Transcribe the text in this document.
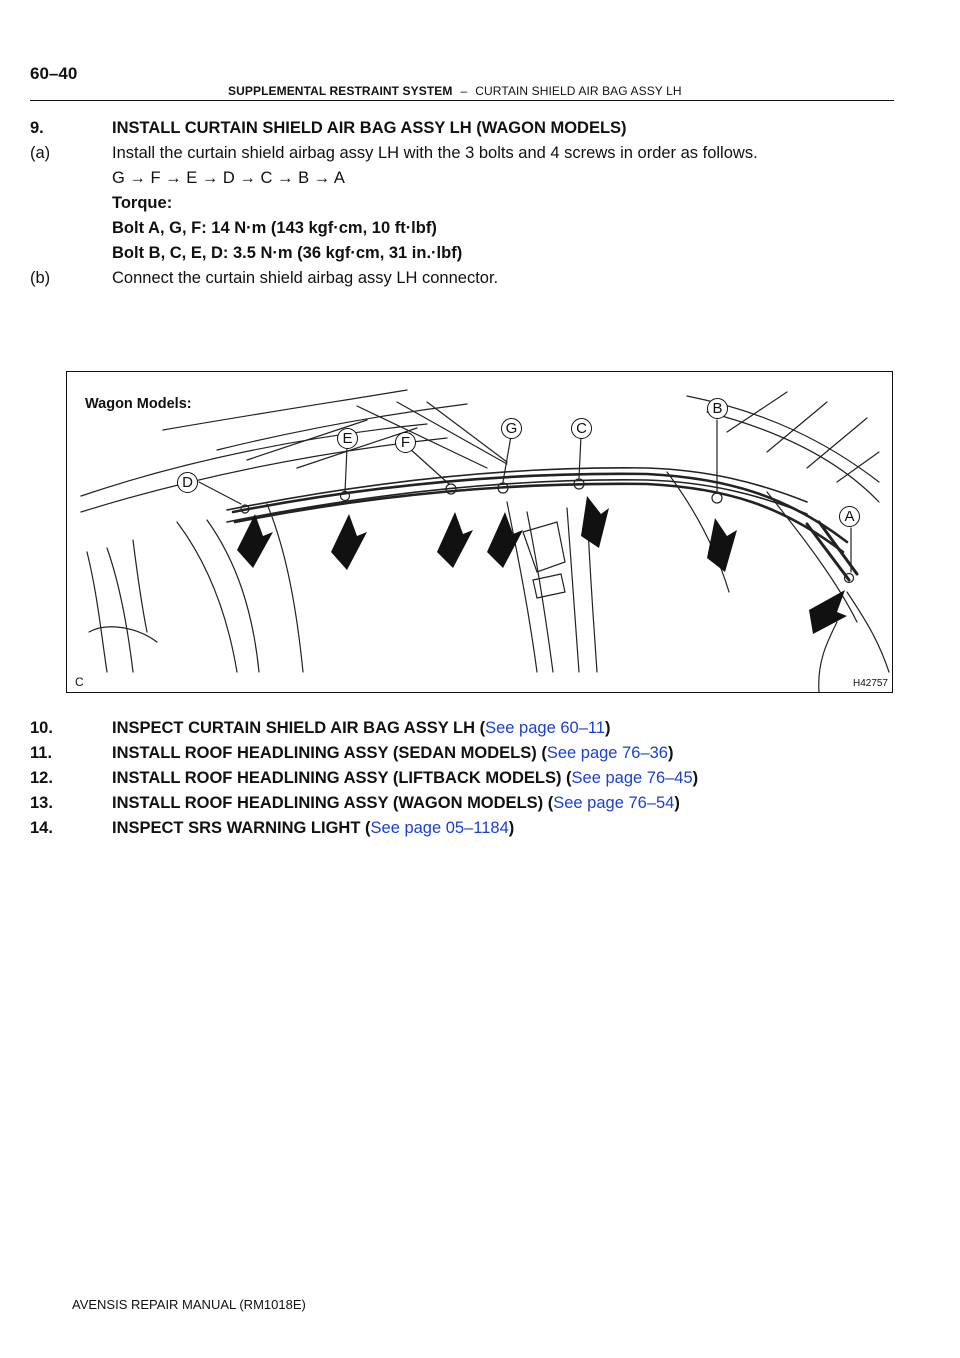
60–40
SUPPLEMENTAL RESTRAINT SYSTEM – CURTAIN SHIELD AIR BAG ASSY LH
9.	INSTALL CURTAIN SHIELD AIR BAG ASSY LH (WAGON MODELS)
(a)	Install the curtain shield airbag assy LH with the 3 bolts and 4 screws in order as follows.
G → F → E → D → C → B → A
Torque:
Bolt A, G, F: 14 N·m (143 kgf·cm, 10 ft·lbf)
Bolt B, C, E, D: 3.5 N·m (36 kgf·cm, 31 in.·lbf)
(b)	Connect the curtain shield airbag assy LH connector.
Wagon Models:	B
E	F
G	C
D
A
C	H42757
10.	INSPECT CURTAIN SHIELD AIR BAG ASSY LH (See page 60–11)
11.	INSTALL ROOF HEADLINING ASSY (SEDAN MODELS) (See page 76–36)
12.	INSTALL ROOF HEADLINING ASSY (LIFTBACK MODELS) (See page 76–45)
13.	INSTALL ROOF HEADLINING ASSY (WAGON MODELS) (See page 76–54)
14.	INSPECT SRS WARNING LIGHT (See page 05–1184)
AVENSIS REPAIR MANUAL (RM1018E)
